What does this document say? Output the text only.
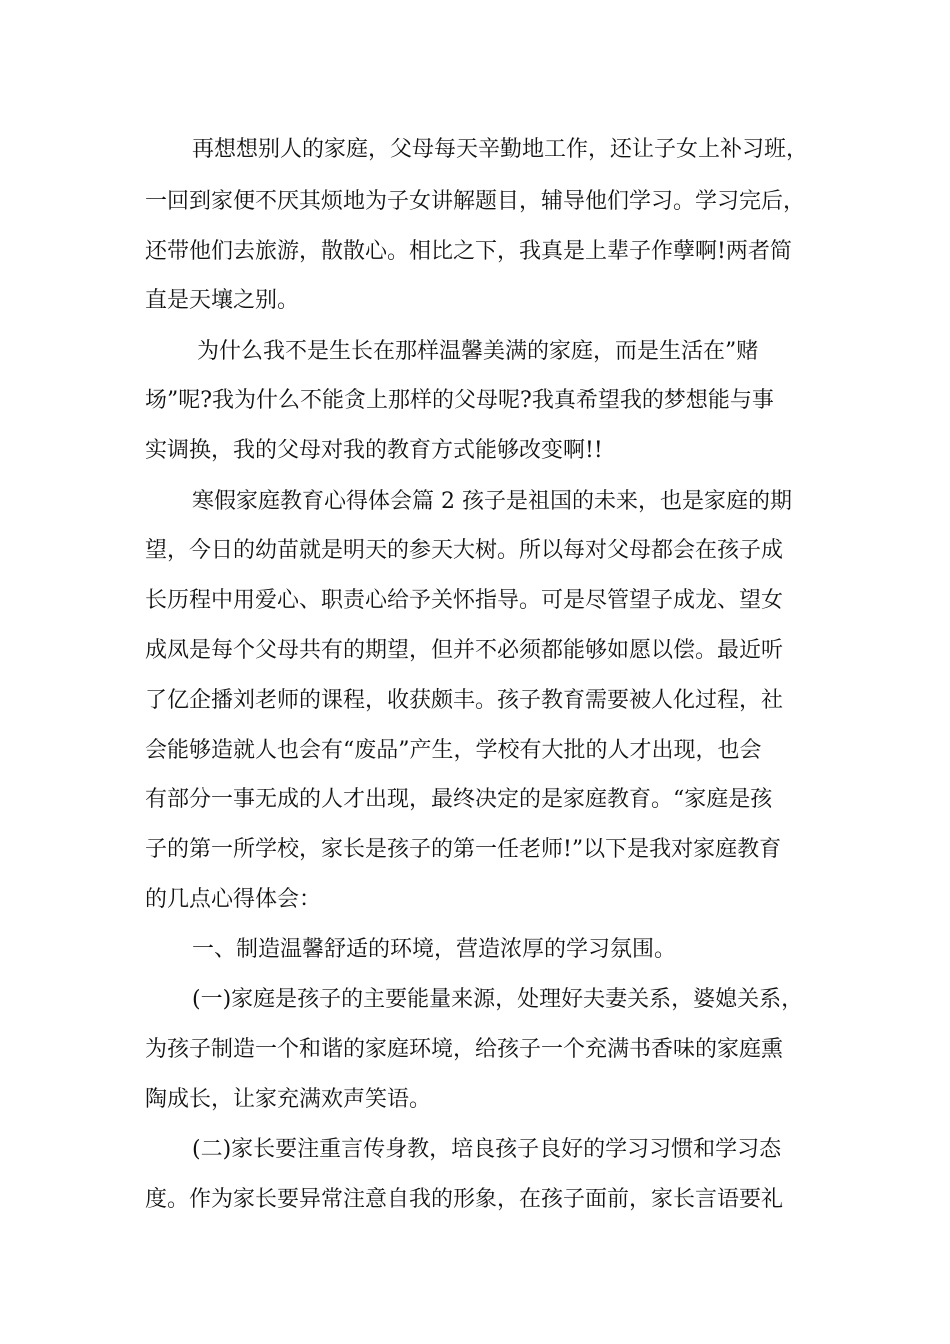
再想想别人的家庭，父母每天辛勤地工作，还让子女上补习班，
一回到家便不厌其烦地为子女讲解题目，辅导他们学习。学习完后，
还带他们去旅游，散散心。相比之下，我真是上辈子作孽啊!两者简
直是天壤之别。
为什么我不是生长在那样温馨美满的家庭，而是生活在”赌
场”呢?我为什么不能贪上那样的父母呢?我真希望我的梦想能与事
实调换，我的父母对我的教育方式能够改变啊!!
寒假家庭教育心得体会篇 2 孩子是祖国的未来，也是家庭的期
望，今日的幼苗就是明天的参天大树。所以每对父母都会在孩子成
长历程中用爱心、职责心给予关怀指导。可是尽管望子成龙、望女
成凤是每个父母共有的期望，但并不必须都能够如愿以偿。最近听
了亿企播刘老师的课程，收获颇丰。孩子教育需要被人化过程，社
会能够造就人也会有“废品”产生，学校有大批的人才出现，也会
有部分一事无成的人才出现，最终决定的是家庭教育。“家庭是孩
子的第一所学校，家长是孩子的第一任老师!”以下是我对家庭教育
的几点心得体会：
一、制造温馨舒适的环境，营造浓厚的学习氛围。
(一)家庭是孩子的主要能量来源，处理好夫妻关系，婆媳关系，
为孩子制造一个和谐的家庭环境，给孩子一个充满书香味的家庭熏
陶成长，让家充满欢声笑语。
(二)家长要注重言传身教，培良孩子良好的学习习惯和学习态
度。作为家长要异常注意自我的形象，在孩子面前，家长言语要礼
